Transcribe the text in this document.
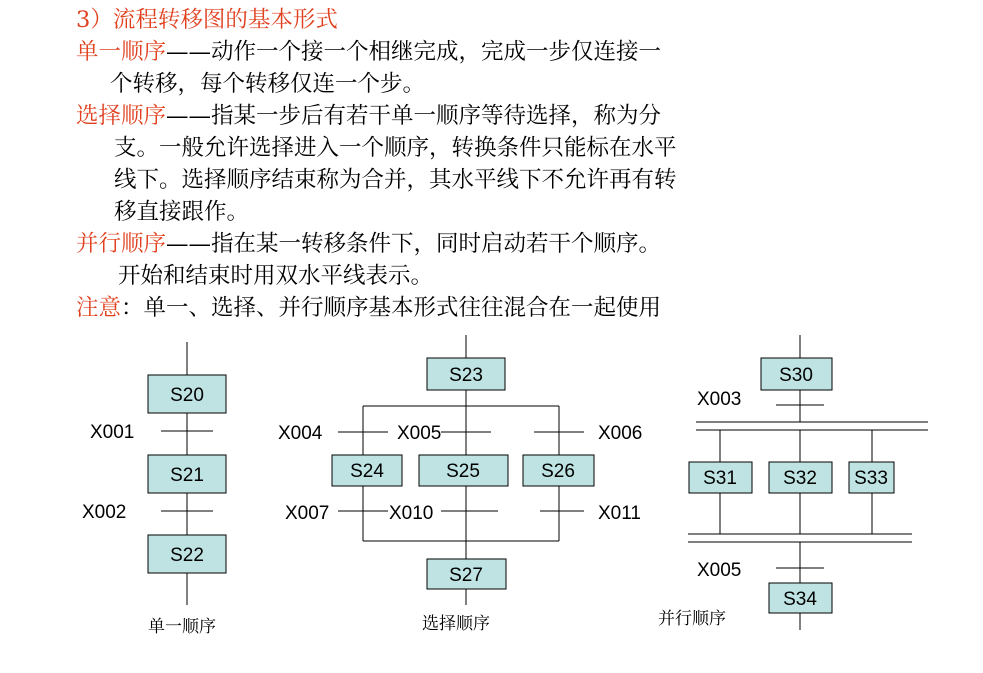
3）流程转移图的基本形式
单一顺序——动作一个接一个相继完成，完成一步仅连接一
个转移，每个转移仅连一个步。
选择顺序——指某一步后有若干单一顺序等待选择，称为分
支。一般允许选择进入一个顺序，转换条件只能标在水平
线下。选择顺序结束称为合并，其水平线下不允许再有转
移直接跟作。
并行顺序——指在某一转移条件下，同时启动若干个顺序。
开始和结束时用双水平线表示。
注意：单一、选择、并行顺序基本形式往往混合在一起使用
S20
X001
S21
X002
S22
单一顺序
S23
X004	X005	X006
S24	S25	S26
X007	X010	X011
S27
选择顺序
S30
X003
S31 S32 S33
X005
S34
并行顺序
